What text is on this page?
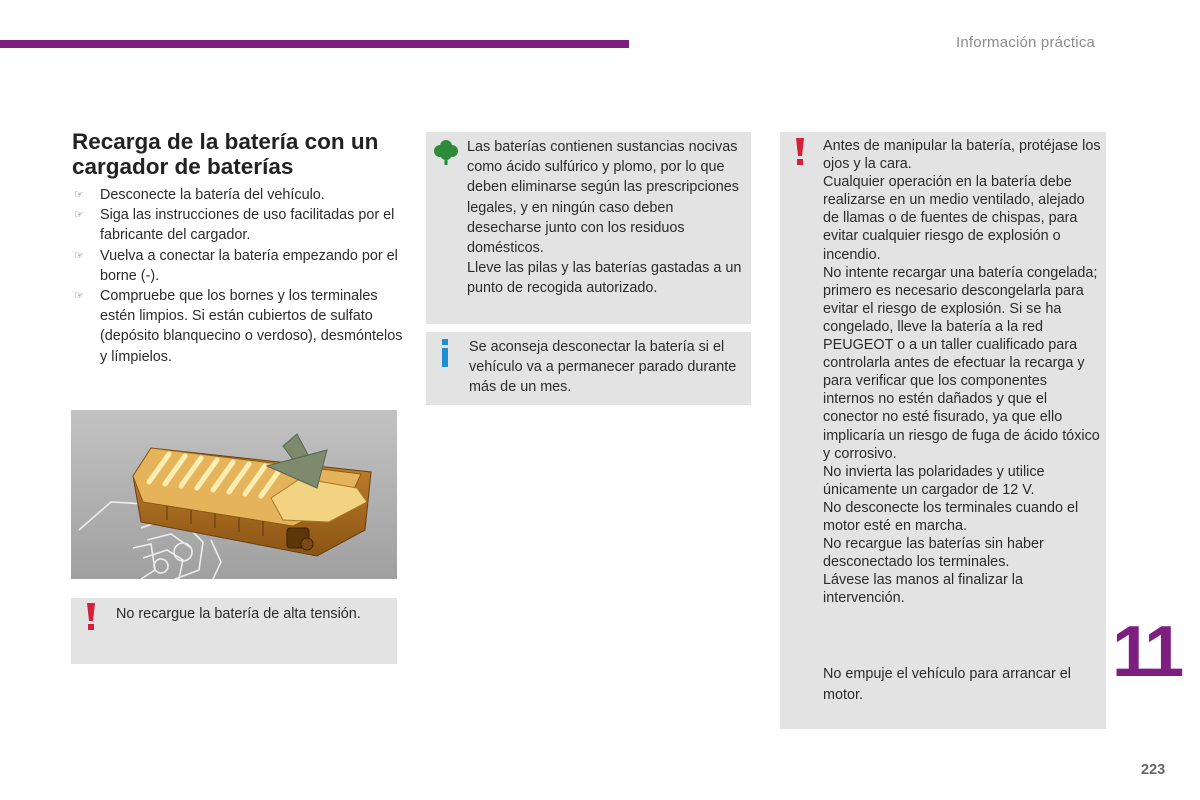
Información práctica
Recarga de la batería con un cargador de baterías
☞ Desconecte la batería del vehículo.
☞ Siga las instrucciones de uso facilitadas por el fabricante del cargador.
☞ Vuelva a conectar la batería empezando por el borne (-).
☞ Compruebe que los bornes y los terminales estén limpios. Si están cubiertos de sulfato (depósito blanquecino o verdoso), desmóntelos y límpielos.
No recargue la batería de alta tensión.

Las baterías contienen sustancias nocivas como ácido sulfúrico y plomo, por lo que deben eliminarse según las prescripciones legales, y en ningún caso deben desecharse junto con los residuos domésticos.

Lleve las pilas y las baterías gastadas a un punto de recogida autorizado.

Se aconseja desconectar la batería si el vehículo va a permanecer parado durante más de un mes.

Antes de manipular la batería, protéjase los ojos y la cara.

Cualquier operación en la batería debe realizarse en un medio ventilado, alejado de llamas o de fuentes de chispas, para evitar cualquier riesgo de explosión o incendio.

No intente recargar una batería congelada; primero es necesario descongelarla para evitar el riesgo de explosión. Si se ha congelado, lleve la batería a la red PEUGEOT o a un taller cualificado para controlarla antes de efectuar la recarga y para verificar que los componentes internos no estén dañados y que el conector no esté fisurado, ya que ello implicaría un riesgo de fuga de ácido tóxico y corrosivo.

No invierta las polaridades y utilice únicamente un cargador de 12 V.

No desconecte los terminales cuando el motor esté en marcha.

No recargue las baterías sin haber desconectado los terminales.

Lávese las manos al finalizar la intervención.

No empuje el vehículo para arrancar el motor.
11
223
